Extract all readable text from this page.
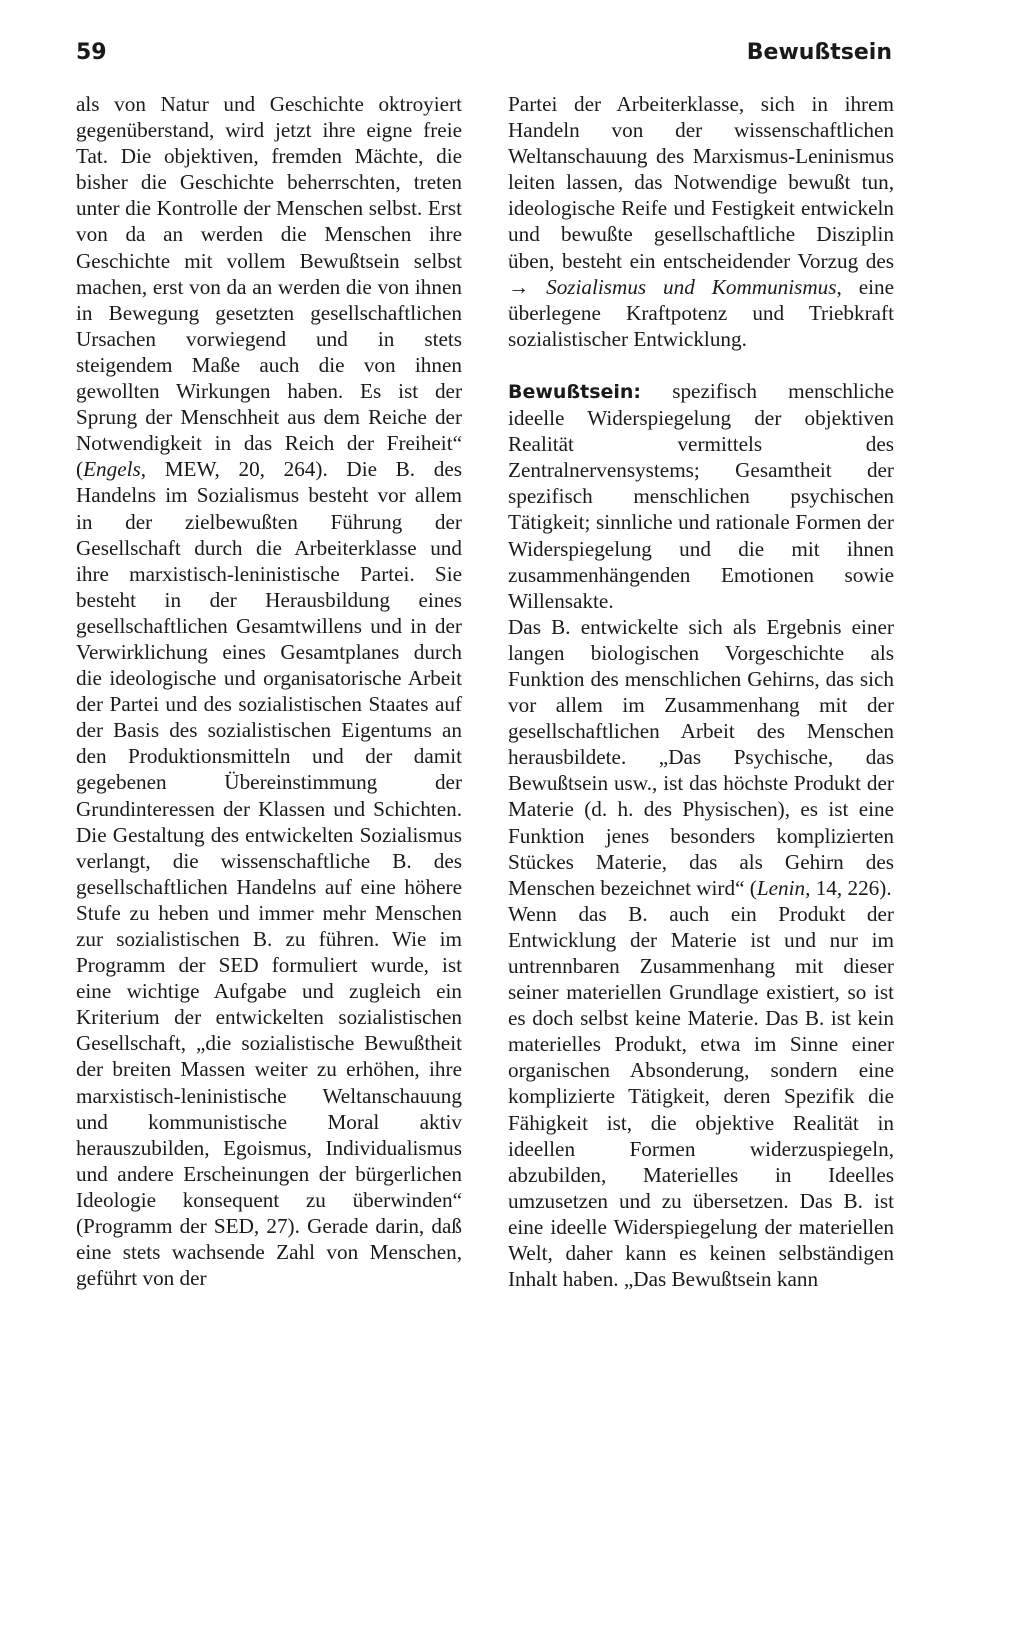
59	Bewußtsein

als von Natur und Geschichte oktroyiert gegenüberstand, wird jetzt ihre eigne freie Tat. Die objektiven, fremden Mächte, die bisher die Geschichte beherrschten, treten unter die Kontrolle der Menschen selbst. Erst von da an werden die Menschen ihre Geschichte mit vollem Bewußtsein selbst machen, erst von da an werden die von ihnen in Bewegung gesetzten gesellschaftlichen Ursachen vorwiegend und in stets steigendem Maße auch die von ihnen gewollten Wirkungen haben. Es ist der Sprung der Menschheit aus dem Reiche der Notwendigkeit in das Reich der Freiheit“ (Engels, MEW, 20, 264). Die B. des Handelns im Sozialismus besteht vor allem in der zielbewußten Führung der Gesellschaft durch die Arbeiterklasse und ihre marxistisch-leninistische Partei. Sie besteht in der Herausbildung eines gesellschaftlichen Gesamtwillens und in der Verwirklichung eines Gesamtplanes durch die ideologische und organisatorische Arbeit der Partei und des sozialistischen Staates auf der Basis des sozialistischen Eigentums an den Produktionsmitteln und der damit gegebenen Übereinstimmung der Grundinteressen der Klassen und Schichten. Die Gestaltung des entwickelten Sozialismus verlangt, die wissenschaftliche B. des gesellschaftlichen Handelns auf eine höhere Stufe zu heben und immer mehr Menschen zur sozialistischen B. zu führen. Wie im Programm der SED formuliert wurde, ist eine wichtige Aufgabe und zugleich ein Kriterium der entwickelten sozialistischen Gesellschaft, „die sozialistische Bewußtheit der breiten Massen weiter zu erhöhen, ihre marxistisch-leninistische Weltanschauung und kommunistische Moral aktiv herauszubilden, Egoismus, Individualismus und andere Erscheinungen der bürgerlichen Ideologie konsequent zu überwinden“ (Programm der SED, 27). Gerade darin, daß eine stets wachsende Zahl von Menschen, geführt von der

Partei der Arbeiterklasse, sich in ihrem Handeln von der wissenschaftlichen Weltanschauung des Marxismus-Leninismus leiten lassen, das Notwendige bewußt tun, ideologische Reife und Festigkeit entwickeln und bewußte gesellschaftliche Disziplin üben, besteht ein entscheidender Vorzug des → Sozialismus und Kommunismus, eine überlegene Kraftpotenz und Triebkraft sozialistischer Entwicklung.

Bewußtsein: spezifisch menschliche ideelle Widerspiegelung der objektiven Realität vermittels des Zentralnervensystems; Gesamtheit der spezifisch menschlichen psychischen Tätigkeit; sinnliche und rationale Formen der Widerspiegelung und die mit ihnen zusammenhängenden Emotionen sowie Willensakte.

Das B. entwickelte sich als Ergebnis einer langen biologischen Vorgeschichte als Funktion des menschlichen Gehirns, das sich vor allem im Zusammenhang mit der gesellschaftlichen Arbeit des Menschen herausbildete. „Das Psychische, das Bewußtsein usw., ist das höchste Produkt der Materie (d. h. des Physischen), es ist eine Funktion jenes besonders komplizierten Stückes Materie, das als Gehirn des Menschen bezeichnet wird“ (Lenin, 14, 226).

Wenn das B. auch ein Produkt der Entwicklung der Materie ist und nur im untrennbaren Zusammenhang mit dieser seiner materiellen Grundlage existiert, so ist es doch selbst keine Materie. Das B. ist kein materielles Produkt, etwa im Sinne einer organischen Absonderung, sondern eine komplizierte Tätigkeit, deren Spezifik die Fähigkeit ist, die objektive Realität in ideellen Formen widerzuspiegeln, abzubilden, Materielles in Ideelles umzusetzen und zu übersetzen. Das B. ist eine ideelle Widerspiegelung der materiellen Welt, daher kann es keinen selbständigen Inhalt haben. „Das Bewußtsein kann
